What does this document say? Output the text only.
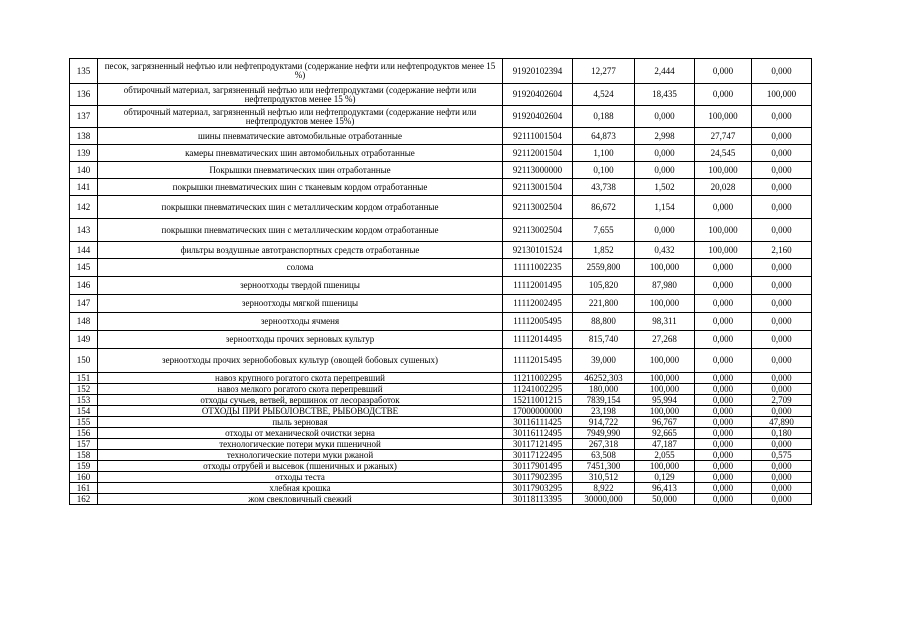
135	песок, загрязненный нефтью или нефтепродуктами (содержание нефти или нефтепродуктов менее 15 %)	91920102394	12,277	2,444	0,000	0,000
136	обтирочный материал, загрязненный нефтью или нефтепродуктами (содержание нефти или нефтепродуктов менее 15 %)	91920402604	4,524	18,435	0,000	100,000
137	обтирочный материал, загрязненный нефтью или нефтепродуктами (содержание нефти или нефтепродуктов менее 15%)	91920402604	0,188	0,000	100,000	0,000
138	шины пневматические автомобильные отработанные	92111001504	64,873	2,998	27,747	0,000
139	камеры пневматических шин автомобильных отработанные	92112001504	1,100	0,000	24,545	0,000
140	Покрышки пневматических шин отработанные	92113000000	0,100	0,000	100,000	0,000
141	покрышки пневматических шин с тканевым кордом отработанные	92113001504	43,738	1,502	20,028	0,000
142	покрышки пневматических шин с металлическим кордом отработанные	92113002504	86,672	1,154	0,000	0,000
143	покрышки пневматических шин с металлическим кордом отработанные	92113002504	7,655	0,000	100,000	0,000
144	фильтры воздушные автотранспортных средств отработанные	92130101524	1,852	0,432	100,000	2,160
145	солома	11111002235	2559,800	100,000	0,000	0,000
146	зерноотходы твердой пшеницы	11112001495	105,820	87,980	0,000	0,000
147	зерноотходы мягкой пшеницы	11112002495	221,800	100,000	0,000	0,000
148	зерноотходы ячменя	11112005495	88,800	98,311	0,000	0,000
149	зерноотходы прочих зерновых культур	11112014495	815,740	27,268	0,000	0,000
150	зерноотходы прочих зернобобовых культур (овощей бобовых сушеных)	11112015495	39,000	100,000	0,000	0,000
151	навоз крупного рогатого скота перепревший	11211002295	46252,303	100,000	0,000	0,000
152	навоз мелкого рогатого скота перепревший	11241002295	180,000	100,000	0,000	0,000
153	отходы сучьев, ветвей, вершинок от лесоразработок	15211001215	7839,154	95,994	0,000	2,709
154	ОТХОДЫ ПРИ РЫБОЛОВСТВЕ, РЫБОВОДСТВЕ	17000000000	23,198	100,000	0,000	0,000
155	пыль зерновая	30116111425	914,722	96,767	0,000	47,890
156	отходы от механической очистки зерна	30116112495	7949,990	92,665	0,000	0,180
157	технологические потери муки пшеничной	30117121495	267,318	47,187	0,000	0,000
158	технологические потери муки ржаной	30117122495	63,508	2,055	0,000	0,575
159	отходы отрубей и высевок (пшеничных и ржаных)	30117901495	7451,300	100,000	0,000	0,000
160	отходы теста	30117902395	310,512	0,129	0,000	0,000
161	хлебная крошка	30117903295	8,922	96,413	0,000	0,000
162	жом свекловичный свежий	30118113395	30000,000	50,000	0,000	0,000
